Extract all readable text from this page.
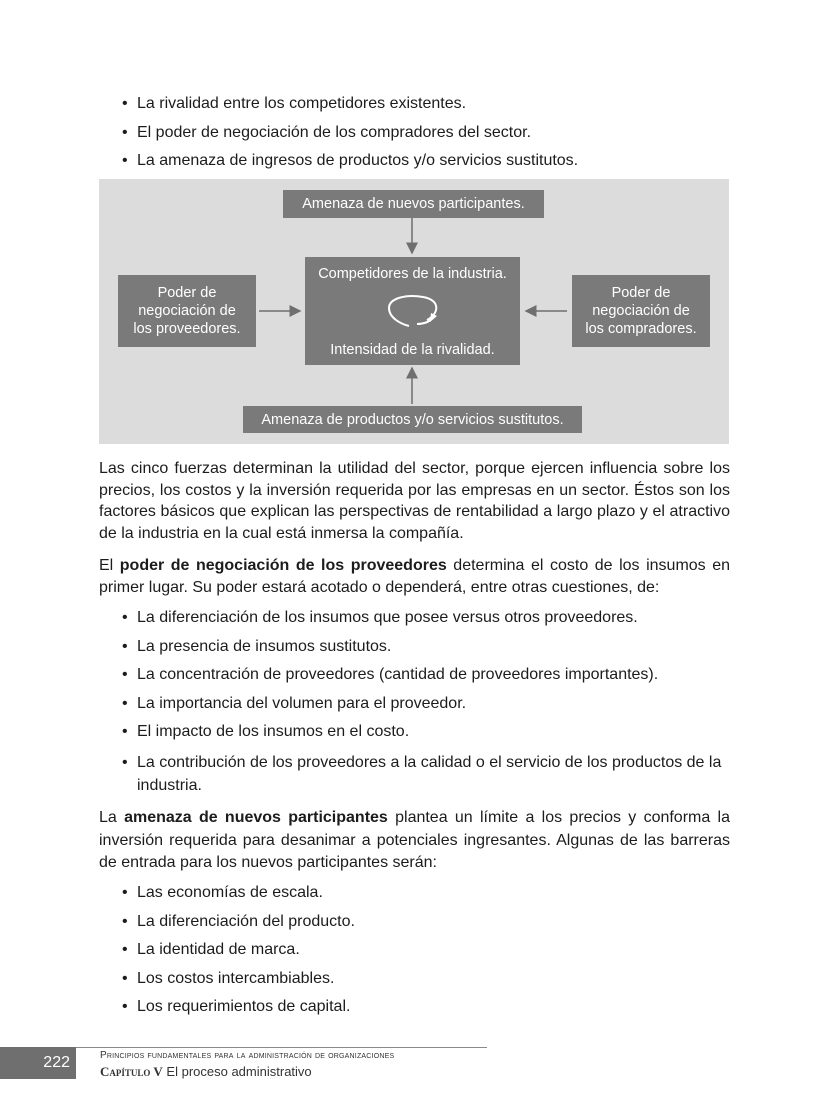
• La rivalidad entre los competidores existentes.
• El poder de negociación de los compradores del sector.
• La amenaza de ingresos de productos y/o servicios sustitutos.
Amenaza de nuevos participantes.
Competidores de la industria.
Intensidad de la rivalidad.
Poder de
negociación de
los proveedores.
Poder de
negociación de
los compradores.
Amenaza de productos y/o servicios sustitutos.

Las cinco fuerzas determinan la utilidad del sector, porque ejercen influencia sobre los precios, los costos y la inversión requerida por las empresas en un sector. Éstos son los factores básicos que explican las perspectivas de rentabilidad a largo plazo y el atractivo de la industria en la cual está inmersa la compañía.

El poder de negociación de los proveedores determina el costo de los insumos en primer lugar. Su poder estará acotado o dependerá, entre otras cuestiones, de:

• La diferenciación de los insumos que posee versus otros proveedores.
• La presencia de insumos sustitutos.
• La concentración de proveedores (cantidad de proveedores importantes).
• La importancia del volumen para el proveedor.
• El impacto de los insumos en el costo.
• La contribución de los proveedores a la calidad o el servicio de los productos de la industria.

La amenaza de nuevos participantes plantea un límite a los precios y conforma la inversión requerida para desanimar a potenciales ingresantes. Algunas de las barreras de entrada para los nuevos participantes serán:

• Las economías de escala.
• La diferenciación del producto.
• La identidad de marca.
• Los costos intercambiables.
• Los requerimientos de capital.
222	Principios fundamentales para la administración de organizaciones
Capítulo V El proceso administrativo
